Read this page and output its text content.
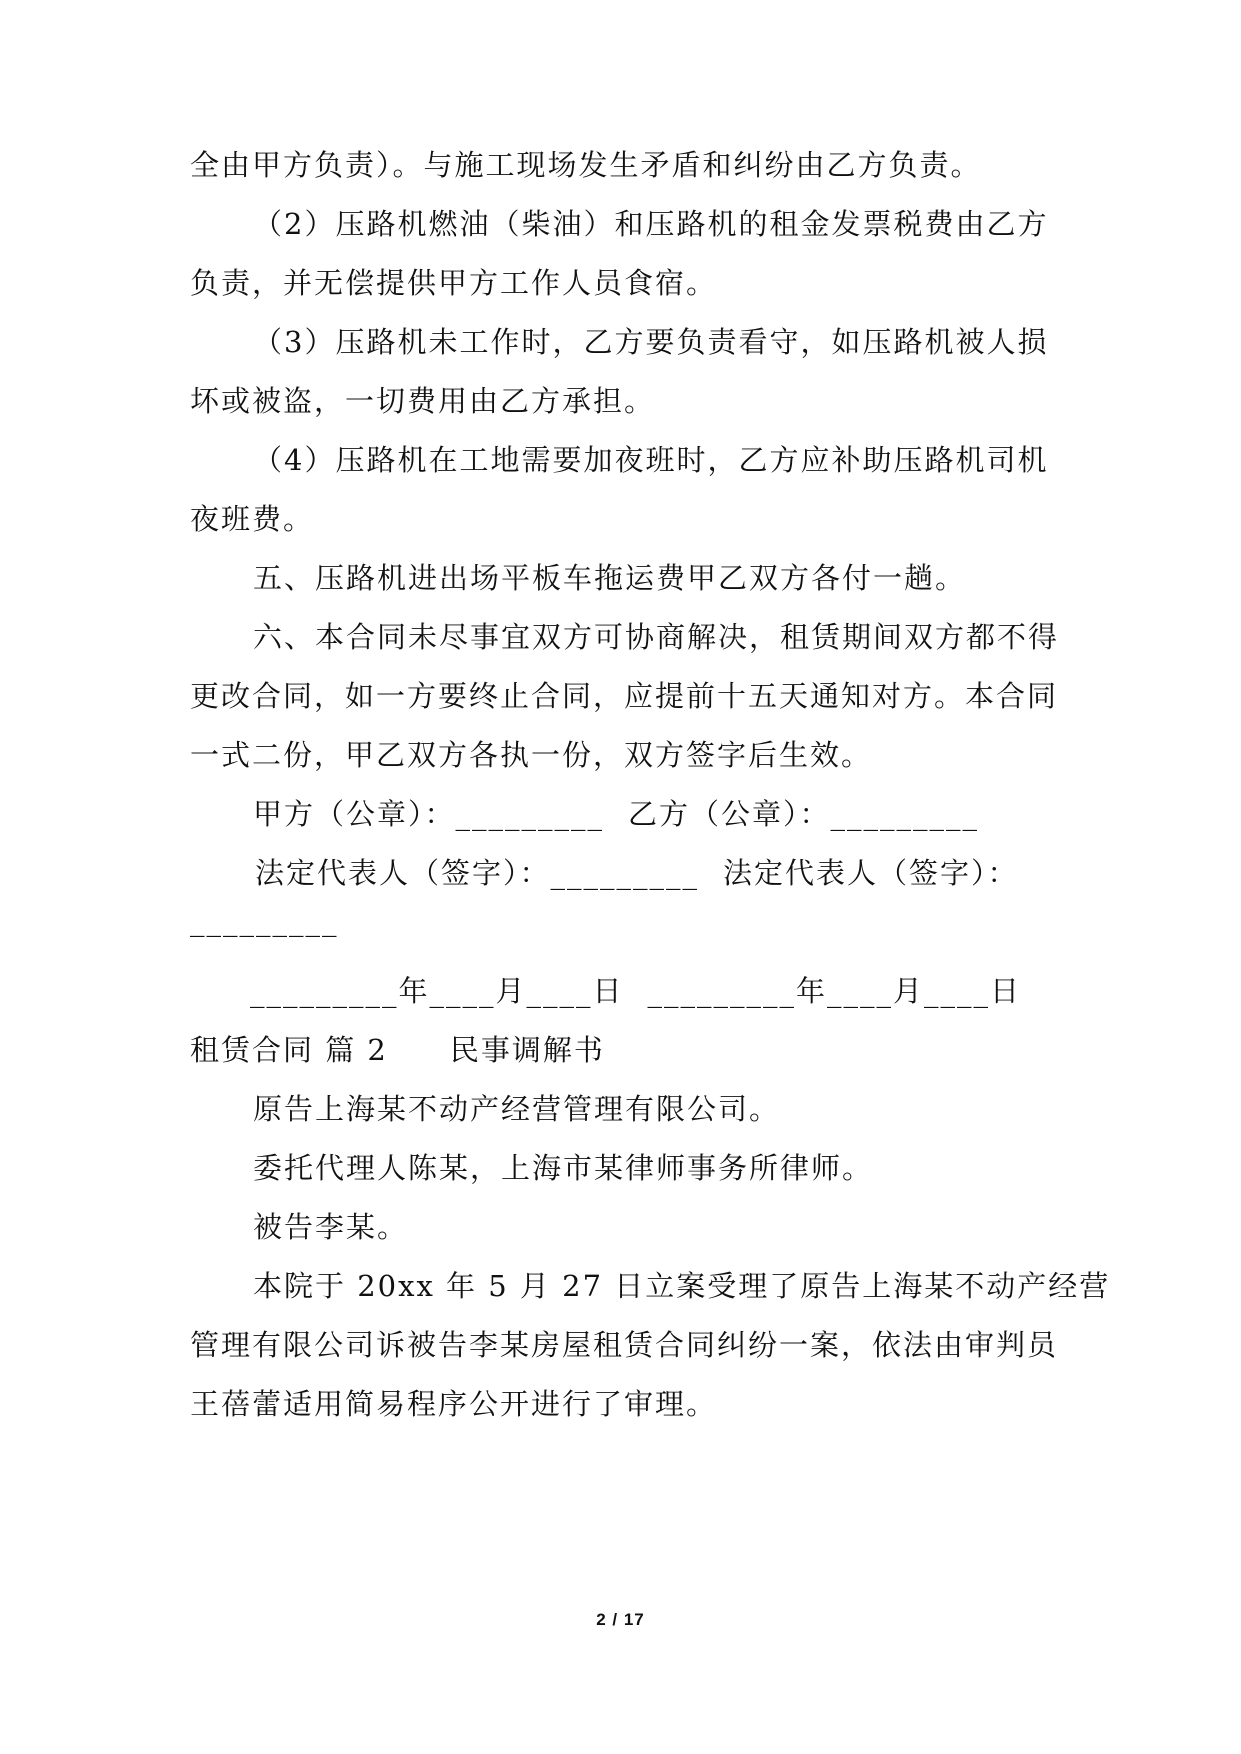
全由甲方负责）。与施工现场发生矛盾和纠纷由乙方负责。
（2）压路机燃油（柴油）和压路机的租金发票税费由乙方
负责，并无偿提供甲方工作人员食宿。
（3）压路机未工作时，乙方要负责看守，如压路机被人损
坏或被盗，一切费用由乙方承担。
（4）压路机在工地需要加夜班时，乙方应补助压路机司机
夜班费。
五、压路机进出场平板车拖运费甲乙双方各付一趟。
六、本合同未尽事宜双方可协商解决，租赁期间双方都不得
更改合同，如一方要终止合同，应提前十五天通知对方。本合同
一式二份，甲乙双方各执一份，双方签字后生效。
甲方（公章）：_________ 乙方（公章）：_________
法定代表人（签字）：_________ 法定代表人（签字）：
_________
_________年____月____日 _________年____月____日
租赁合同 篇 2 民事调解书
原告上海某不动产经营管理有限公司。
委托代理人陈某，上海市某律师事务所律师。
被告李某。
本院于 20xx 年 5 月 27 日立案受理了原告上海某不动产经营
管理有限公司诉被告李某房屋租赁合同纠纷一案，依法由审判员
王蓓蕾适用简易程序公开进行了审理。
2 / 17
